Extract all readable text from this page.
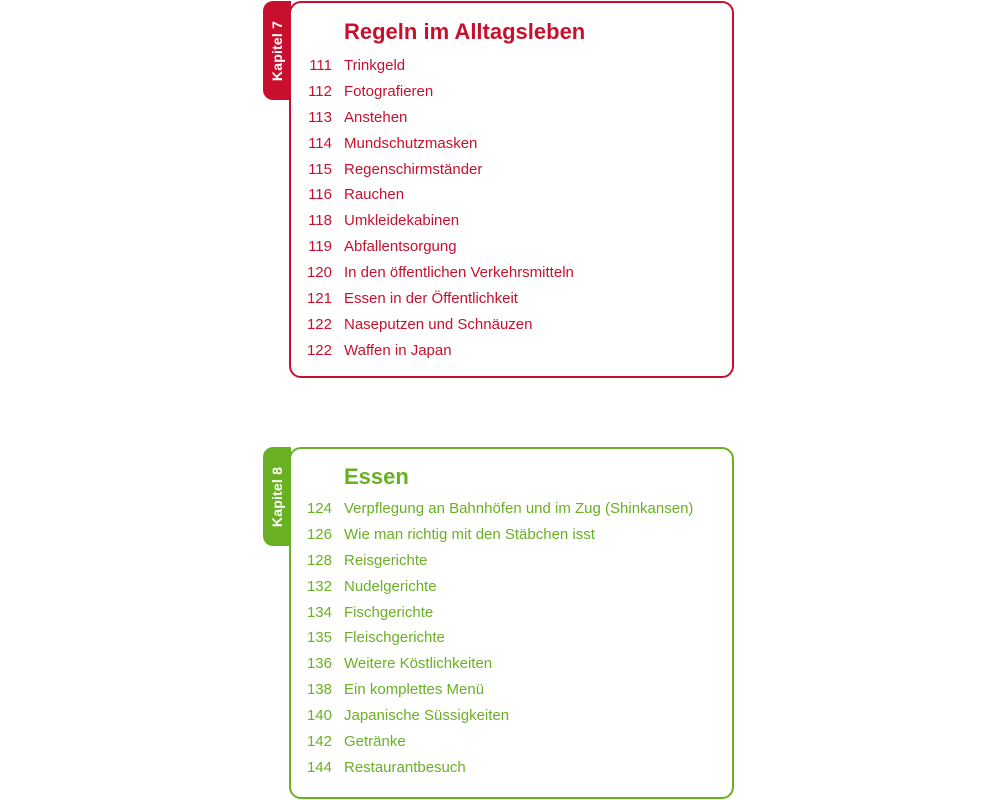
Kapitel 7	Regeln im Alltagsleben
111 Trinkgeld
112 Fotografieren
113 Anstehen
114 Mundschutzmasken
115 Regenschirmständer
116 Rauchen
118 Umkleidekabinen
119 Abfallentsorgung
120 In den öffentlichen Verkehrsmitteln
121 Essen in der Öffentlichkeit
122 Naseputzen und Schnäuzen
122 Waffen in Japan
Kapitel 8	Essen
124 Verpflegung an Bahnhöfen und im Zug (Shinkansen)
126 Wie man richtig mit den Stäbchen isst
128 Reisgerichte
132 Nudelgerichte
134 Fischgerichte
135 Fleischgerichte
136 Weitere Köstlichkeiten
138 Ein komplettes Menü
140 Japanische Süssigkeiten
142 Getränke
144 Restaurantbesuch
